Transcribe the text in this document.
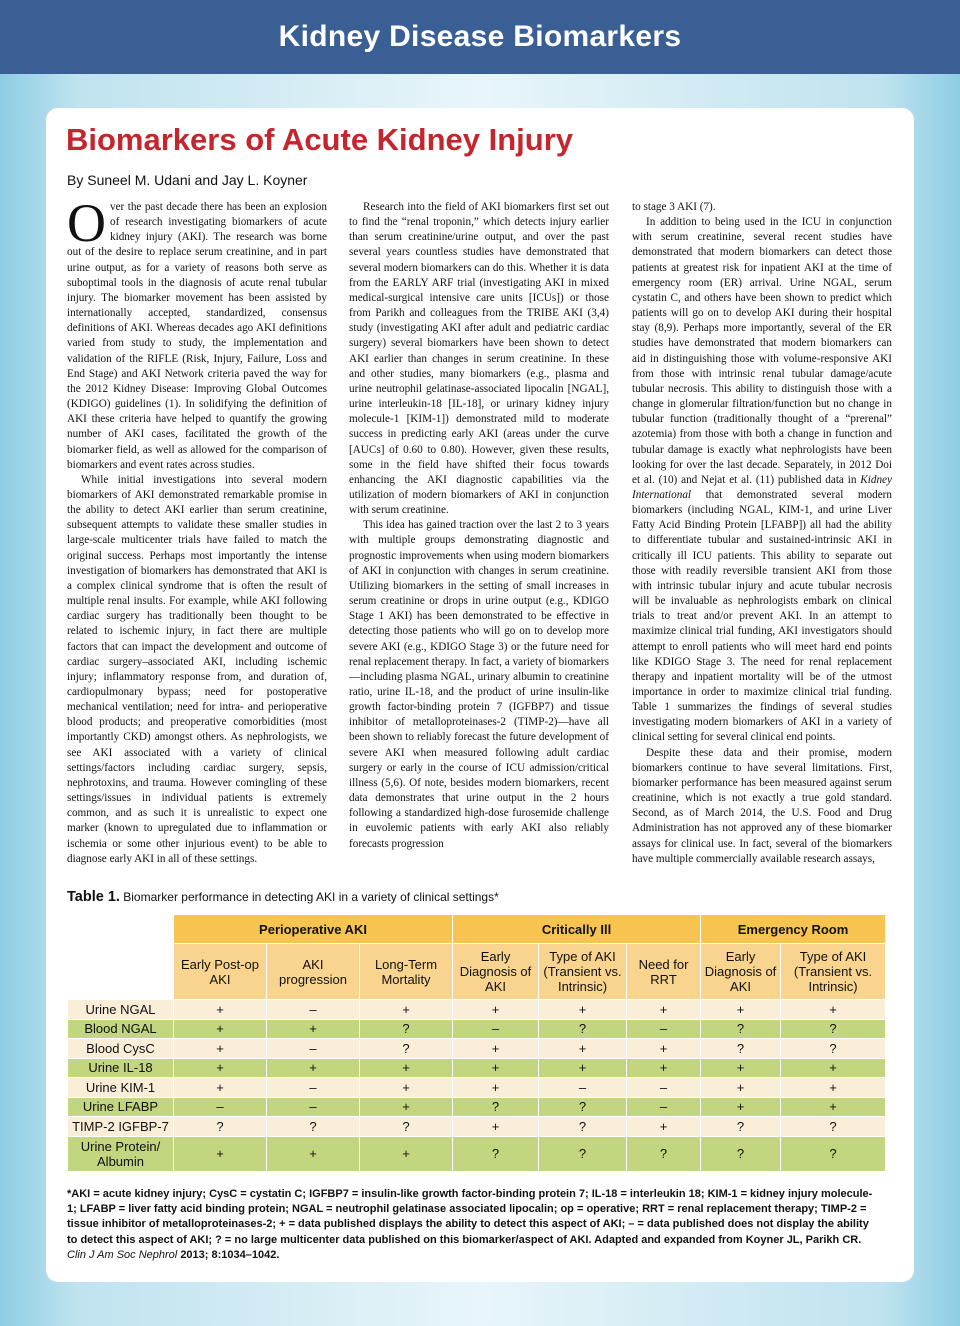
Kidney Disease Biomarkers
Biomarkers of Acute Kidney Injury
By Suneel M. Udani and Jay L. Koyner

Over the past decade there has been an explosion of research investigating biomarkers of acute kidney injury (AKI). The research was borne out of the desire to replace serum creatinine, and in part urine output, as for a variety of reasons both serve as suboptimal tools in the diagnosis of acute renal tubular injury. The biomarker movement has been assisted by internationally accepted, standardized, consensus definitions of AKI. Whereas decades ago AKI definitions varied from study to study, the implementation and validation of the RIFLE (Risk, Injury, Failure, Loss and End Stage) and AKI Network criteria paved the way for the 2012 Kidney Disease: Improving Global Outcomes (KDIGO) guidelines (1). In solidifying the definition of AKI these criteria have helped to quantify the growing number of AKI cases, facilitated the growth of the biomarker field, as well as allowed for the comparison of biomarkers and event rates across studies.

While initial investigations into several modern biomarkers of AKI demonstrated remarkable promise in the ability to detect AKI earlier than serum creatinine, subsequent attempts to validate these smaller studies in large-scale multicenter trials have failed to match the original success. Perhaps most importantly the intense investigation of biomarkers has demonstrated that AKI is a complex clinical syndrome that is often the result of multiple renal insults. For example, while AKI following cardiac surgery has traditionally been thought to be related to ischemic injury, in fact there are multiple factors that can impact the development and outcome of cardiac surgery–associated AKI, including ischemic injury; inflammatory response from, and duration of, cardiopulmonary bypass; need for postoperative mechanical ventilation; need for intra- and perioperative blood products; and preoperative comorbidities (most importantly CKD) amongst others. As nephrologists, we see AKI associated with a variety of clinical settings/factors including cardiac surgery, sepsis, nephrotoxins, and trauma. However comingling of these settings/issues in individual patients is extremely common, and as such it is unrealistic to expect one marker (known to upregulated due to inflammation or ischemia or some other injurious event) to be able to diagnose early AKI in all of these settings.

Research into the field of AKI biomarkers first set out to find the “renal troponin,” which detects injury earlier than serum creatinine/urine output, and over the past several years countless studies have demonstrated that several modern biomarkers can do this. Whether it is data from the EARLY ARF trial (investigating AKI in mixed medical-surgical intensive care units [ICUs]) or those from Parikh and colleagues from the TRIBE AKI (3,4) study (investigating AKI after adult and pediatric cardiac surgery) several biomarkers have been shown to detect AKI earlier than changes in serum creatinine. In these and other studies, many biomarkers (e.g., plasma and urine neutrophil gelatinase-associated lipocalin [NGAL], urine interleukin-18 [IL-18], or urinary kidney injury molecule-1 [KIM-1]) demonstrated mild to moderate success in predicting early AKI (areas under the curve [AUCs] of 0.60 to 0.80). However, given these results, some in the field have shifted their focus towards enhancing the AKI diagnostic capabilities via the utilization of modern biomarkers of AKI in conjunction with serum creatinine.

This idea has gained traction over the last 2 to 3 years with multiple groups demonstrating diagnostic and prognostic improvements when using modern biomarkers of AKI in conjunction with changes in serum creatinine. Utilizing biomarkers in the setting of small increases in serum creatinine or drops in urine output (e.g., KDIGO Stage 1 AKI) has been demonstrated to be effective in detecting those patients who will go on to develop more severe AKI (e.g., KDIGO Stage 3) or the future need for renal replacement therapy. In fact, a variety of biomarkers—including plasma NGAL, urinary albumin to creatinine ratio, urine IL-18, and the product of urine insulin-like growth factor-binding protein 7 (IGFBP7) and tissue inhibitor of metalloproteinases-2 (TIMP-2)—have all been shown to reliably forecast the future development of severe AKI when measured following adult cardiac surgery or early in the course of ICU admission/critical illness (5,6). Of note, besides modern biomarkers, recent data demonstrates that urine output in the 2 hours following a standardized high-dose furosemide challenge in euvolemic patients with early AKI also reliably forecasts progression

to stage 3 AKI (7).

In addition to being used in the ICU in conjunction with serum creatinine, several recent studies have demonstrated that modern biomarkers can detect those patients at greatest risk for inpatient AKI at the time of emergency room (ER) arrival. Urine NGAL, serum cystatin C, and others have been shown to predict which patients will go on to develop AKI during their hospital stay (8,9). Perhaps more importantly, several of the ER studies have demonstrated that modern biomarkers can aid in distinguishing those with volume-responsive AKI from those with intrinsic renal tubular damage/acute tubular necrosis. This ability to distinguish those with a change in glomerular filtration/function but no change in tubular function (traditionally thought of a “prerenal” azotemia) from those with both a change in function and tubular damage is exactly what nephrologists have been looking for over the last decade. Separately, in 2012 Doi et al. (10) and Nejat et al. (11) published data in Kidney International that demonstrated several modern biomarkers (including NGAL, KIM-1, and urine Liver Fatty Acid Binding Protein [LFABP]) all had the ability to differentiate tubular and sustained-intrinsic AKI in critically ill ICU patients. This ability to separate out those with readily reversible transient AKI from those with intrinsic tubular injury and acute tubular necrosis will be invaluable as nephrologists embark on clinical trials to treat and/or prevent AKI. In an attempt to maximize clinical trial funding, AKI investigators should attempt to enroll patients who will meet hard end points like KDIGO Stage 3. The need for renal replacement therapy and inpatient mortality will be of the utmost importance in order to maximize clinical trial funding. Table 1 summarizes the findings of several studies investigating modern biomarkers of AKI in a variety of clinical setting for several clinical end points.

Despite these data and their promise, modern biomarkers continue to have several limitations. First, biomarker performance has been measured against serum creatinine, which is not exactly a true gold standard. Second, as of March 2014, the U.S. Food and Drug Administration has not approved any of these biomarker assays for clinical use. In fact, several of the biomarkers have multiple commercially available research assays,

Table 1. Biomarker performance in detecting AKI in a variety of clinical settings*
	Perioperative AKI			Critically Ill			Emergency Room	
	Early Post-op AKI	AKI progression	Long-Term Mortality	Early Diagnosis of AKI	Type of AKI (Transient vs. Intrinsic)	Need for RRT	Early Diagnosis of AKI	Type of AKI (Transient vs. Intrinsic)
Urine NGAL	+	–	+	+	+	+	+	+
Blood NGAL	+	+	?	–	?	–	?	?
Blood CysC	+	–	?	+	+	+	?	?
Urine IL-18	+	+	+	+	+	+	+	+
Urine KIM-1	+	–	+	+	–	–	+	+
Urine LFABP	–	–	+	?	?	–	+	+
TIMP-2 IGFBP-7	?	?	?	+	?	+	?	?
Urine Protein/ Albumin	+	+	+	?	?	?	?	?
*AKI = acute kidney injury; CysC = cystatin C; IGFBP7 = insulin-like growth factor-binding protein 7; IL-18 = interleukin 18; KIM-1 = kidney injury molecule-1; LFABP = liver fatty acid binding protein; NGAL = neutrophil gelatinase associated lipocalin; op = operative; RRT = renal replacement therapy; TIMP-2 = tissue inhibitor of metalloproteinases-2; + = data published displays the ability to detect this aspect of AKI; – = data published does not display the ability to detect this aspect of AKI; ? = no large multicenter data published on this biomarker/aspect of AKI. Adapted and expanded from Koyner JL, Parikh CR. Clin J Am Soc Nephrol 2013; 8:1034–1042.
